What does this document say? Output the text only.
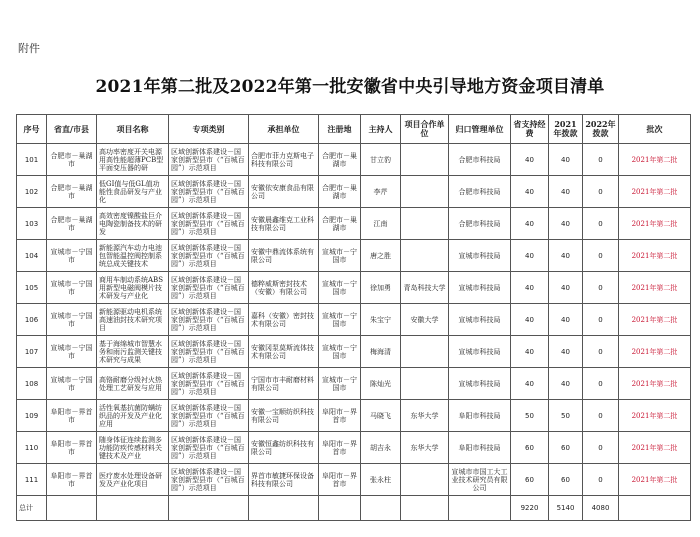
附件
2021年第二批及2022年第一批安徽省中央引导地方资金项目清单
序号	省直/市县	项目名称	专项类别	承担单位	注册地	主持人	项目合作单位	归口管理单位	省支持经费	2021年拨款	2022年拨款	批次
101	合肥市－巢湖市	高功率密度开关电源用高性能超薄PCB型平面变压器的研	区域创新体系建设－国家创新型县市（“百城百园”）示范项目	合肥市菲力克斯电子科技有限公司	合肥市－巢湖市	甘立豹		合肥市科技局	40	40	0	2021年第二批
102	合肥市－巢湖市	低GI值与低GL值功能性食品研发与产业化	区域创新体系建设－国家创新型县市（“百城百园”）示范项目	安徽依安康食品有限公司	合肥市－巢湖市	李芹		合肥市科技局	40	40	0	2021年第二批
103	合肥市－巢湖市	高效密度镍酸盐巨介电陶瓷制备技术的研发	区域创新体系建设－国家创新型县市（“百城百园”）示范项目	安徽晨鑫维克工业科技有限公司	合肥市－巢湖市	江南		合肥市科技局	40	40	0	2021年第二批
104	宣城市－宁国市	新能源汽车动力电池包智能温控阀控制系统总成关键技术	区域创新体系建设－国家创新型县市（“百城百园”）示范项目	安徽中鼎流体系统有限公司	宣城市－宁国市	唐之胜		宣城市科技局	40	40	0	2021年第二批
105	宣城市－宁国市	商用车制动系统ABS用新型电磁阀模片技术研发与产业化	区域创新体系建设－国家创新型县市（“百城百园”）示范项目	德粹威斯密封技术（安徽）有限公司	宣城市－宁国市	徐加勇	青岛科技大学	宣城市科技局	40	40	0	2021年第二批
106	宣城市－宁国市	新能源驱动电机系统高速油封技术研究项目	区域创新体系建设－国家创新型县市（“百城百园”）示范项目	嘉科（安徽）密封技术有限公司	宣城市－宁国市	朱宝宁	安徽大学	宣城市科技局	40	40	0	2021年第二批
107	宣城市－宁国市	基于海绵城市智慧水务和雨污监测关键技术研究与成果	区域创新体系建设－国家创新型县市（“百城百园”）示范项目	安徽冈泵莫斯流体技术有限公司	宣城市－宁国市	梅海清		宣城市科技局	40	40	0	2021年第二批
108	宣城市－宁国市	高铬耐磨分级衬火热处理工艺研发与应用	区域创新体系建设－国家创新型县市（“百城百园”）示范项目	宁国市市丰耐磨材料有限公司	宣城市－宁国市	陈灿光		宣城市科技局	40	40	0	2021年第二批
109	阜阳市－界首市	活性氧基抗菌防螨纺织品的开发及产业化应用	区域创新体系建设－国家创新型县市（“百城百园”）示范项目	安徽一宝顺纺织科技有限公司	阜阳市－界首市	马晓飞	东华大学	阜阳市科技局	50	50	0	2021年第二批
110	阜阳市－界首市	随身体征连续监测多功能防疾传感材料关键技术及产业	区域创新体系建设－国家创新型县市（“百城百园”）示范项目	安徽恒鑫纺织科技有限公司	阜阳市－界首市	胡吉永	东华大学	阜阳市科技局	60	60	0	2021年第二批
111	阜阳市－界首市	医疗废水处理设备研发及产业化项目	区域创新体系建设－国家创新型县市（“百城百园”）示范项目	界首市敏捷环保设备科技有限公司	阜阳市－界首市	张永柱		宣城市市国工大工业技术研究员有限公司	60	60	0	2021年第二批
总计									9220	5140	4080	
